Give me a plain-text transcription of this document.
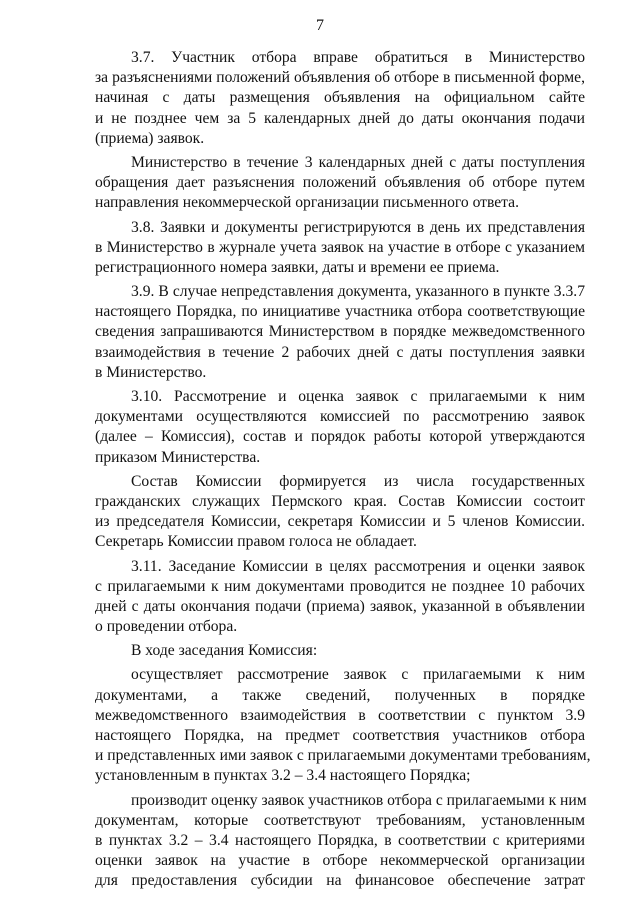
7
3.7. Участник отбора вправе обратиться в Министерство
за разъяснениями положений объявления об отборе в письменной форме,
начиная с даты размещения объявления на официальном сайте
и не позднее чем за 5 календарных дней до даты окончания подачи
(приема) заявок.
Министерство в течение 3 календарных дней с даты поступления
обращения дает разъяснения положений объявления об отборе путем
направления некоммерческой организации письменного ответа.
3.8. Заявки и документы регистрируются в день их представления
в Министерство в журнале учета заявок на участие в отборе с указанием
регистрационного номера заявки, даты и времени ее приема.
3.9. В случае непредставления документа, указанного в пункте 3.3.7
настоящего Порядка, по инициативе участника отбора соответствующие
сведения запрашиваются Министерством в порядке межведомственного
взаимодействия в течение 2 рабочих дней с даты поступления заявки
в Министерство.
3.10. Рассмотрение и оценка заявок с прилагаемыми к ним
документами осуществляются комиссией по рассмотрению заявок
(далее – Комиссия), состав и порядок работы которой утверждаются
приказом Министерства.
Состав Комиссии формируется из числа государственных
гражданских служащих Пермского края. Состав Комиссии состоит
из председателя Комиссии, секретаря Комиссии и 5 членов Комиссии.
Секретарь Комиссии правом голоса не обладает.
3.11. Заседание Комиссии в целях рассмотрения и оценки заявок
с прилагаемыми к ним документами проводится не позднее 10 рабочих
дней с даты окончания подачи (приема) заявок, указанной в объявлении
о проведении отбора.
В ходе заседания Комиссия:
осуществляет рассмотрение заявок с прилагаемыми к ним
документами, а также сведений, полученных в порядке
межведомственного взаимодействия в соответствии с пунктом 3.9
настоящего Порядка, на предмет соответствия участников отбора
и представленных ими заявок с прилагаемыми документами требованиям,
установленным в пунктах 3.2 – 3.4 настоящего Порядка;
производит оценку заявок участников отбора с прилагаемыми к ним
документам, которые соответствуют требованиям, установленным
в пунктах 3.2 – 3.4 настоящего Порядка, в соответствии с критериями
оценки заявок на участие в отборе некоммерческой организации
для предоставления субсидии на финансовое обеспечение затрат
